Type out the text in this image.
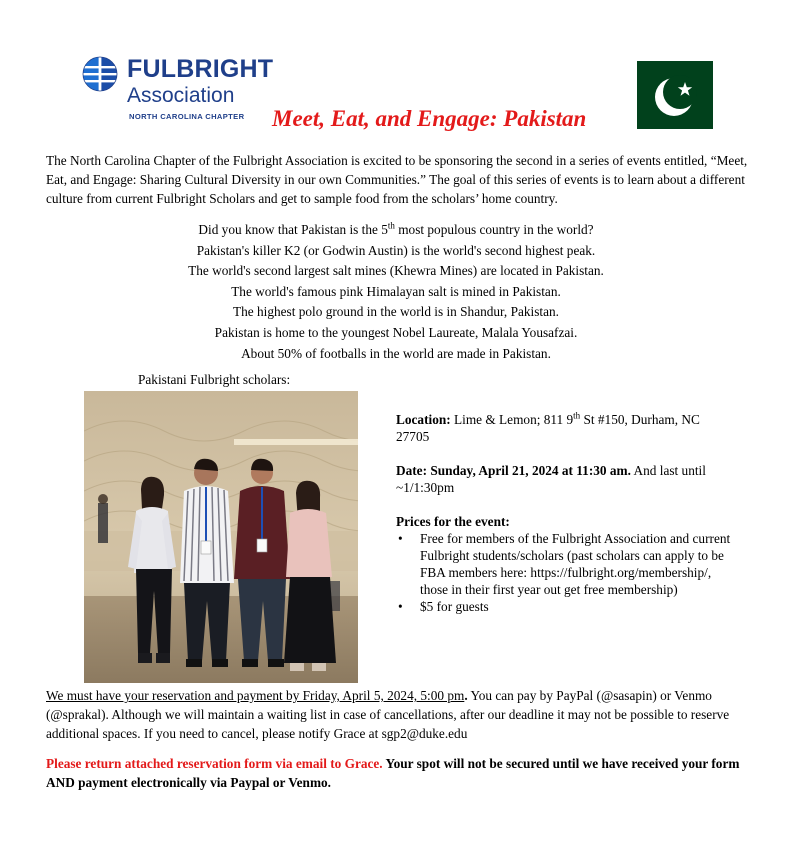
FULBRIGHT
Association
NORTH CAROLINA CHAPTER Meet, Eat, and Engage: Pakistan

The North Carolina Chapter of the Fulbright Association is excited to be sponsoring the second in a series of events entitled, “Meet, Eat, and Engage: Sharing Cultural Diversity in our own Communities.” The goal of this series of events is to learn about a different culture from current Fulbright Scholars and get to sample food from the scholars’ home country.

Did you know that Pakistan is the 5th most populous country in the world?
Pakistan's killer K2 (or Godwin Austin) is the world's second highest peak.
The world's second largest salt mines (Khewra Mines) are located in Pakistan.
The world's famous pink Himalayan salt is mined in Pakistan.
The highest polo ground in the world is in Shandur, Pakistan.
Pakistan is home to the youngest Nobel Laureate, Malala Yousafzai.
About 50% of footballs in the world are made in Pakistan.
Pakistani Fulbright scholars:

Location: Lime & Lemon; 811 9th St #150, Durham, NC 27705

Date: Sunday, April 21, 2024 at 11:30 am. And last until ~1/1:30pm

Prices for the event:

• Free for members of the Fulbright Association and current Fulbright students/scholars (past scholars can apply to be FBA members here: https://fulbright.org/membership/, those in their first year out get free membership)
• $5 for guests

We must have your reservation and payment by Friday, April 5, 2024, 5:00 pm. You can pay by PayPal (@sasapin) or Venmo (@sprakal). Although we will maintain a waiting list in case of cancellations, after our deadline it may not be possible to reserve additional spaces. If you need to cancel, please notify Grace at sgp2@duke.edu

Please return attached reservation form via email to Grace. Your spot will not be secured until we have received your form AND payment electronically via Paypal or Venmo.
